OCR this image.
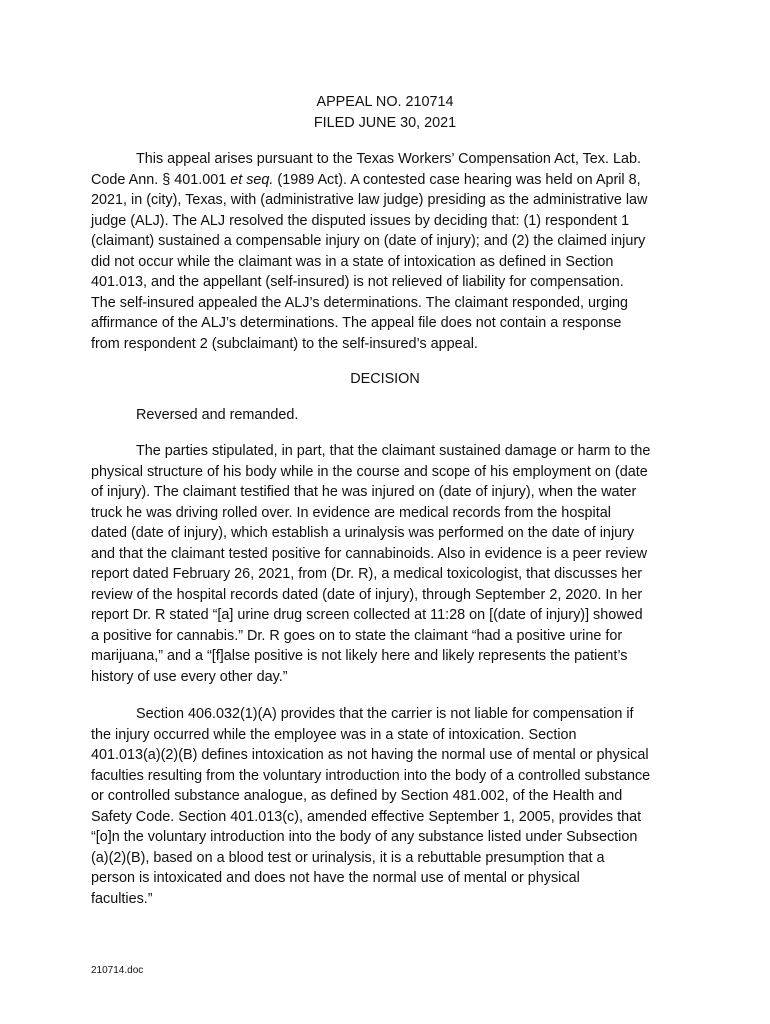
APPEAL NO. 210714
FILED JUNE 30, 2021
This appeal arises pursuant to the Texas Workers’ Compensation Act, Tex. Lab.
Code Ann. § 401.001 et seq. (1989 Act). A contested case hearing was held on April 8,
2021, in (city), Texas, with (administrative law judge) presiding as the administrative law
judge (ALJ). The ALJ resolved the disputed issues by deciding that: (1) respondent 1
(claimant) sustained a compensable injury on (date of injury); and (2) the claimed injury
did not occur while the claimant was in a state of intoxication as defined in Section
401.013, and the appellant (self-insured) is not relieved of liability for compensation.
The self-insured appealed the ALJ’s determinations. The claimant responded, urging
affirmance of the ALJ’s determinations. The appeal file does not contain a response
from respondent 2 (subclaimant) to the self-insured’s appeal.
DECISION
Reversed and remanded.
The parties stipulated, in part, that the claimant sustained damage or harm to the
physical structure of his body while in the course and scope of his employment on (date
of injury). The claimant testified that he was injured on (date of injury), when the water
truck he was driving rolled over. In evidence are medical records from the hospital
dated (date of injury), which establish a urinalysis was performed on the date of injury
and that the claimant tested positive for cannabinoids. Also in evidence is a peer review
report dated February 26, 2021, from (Dr. R), a medical toxicologist, that discusses her
review of the hospital records dated (date of injury), through September 2, 2020. In her
report Dr. R stated “[a] urine drug screen collected at 11:28 on [(date of injury)] showed
a positive for cannabis.” Dr. R goes on to state the claimant “had a positive urine for
marijuana,” and a “[f]alse positive is not likely here and likely represents the patient’s
history of use every other day.”
Section 406.032(1)(A) provides that the carrier is not liable for compensation if
the injury occurred while the employee was in a state of intoxication. Section
401.013(a)(2)(B) defines intoxication as not having the normal use of mental or physical
faculties resulting from the voluntary introduction into the body of a controlled substance
or controlled substance analogue, as defined by Section 481.002, of the Health and
Safety Code. Section 401.013(c), amended effective September 1, 2005, provides that
“[o]n the voluntary introduction into the body of any substance listed under Subsection
(a)(2)(B), based on a blood test or urinalysis, it is a rebuttable presumption that a
person is intoxicated and does not have the normal use of mental or physical
faculties.”
210714.doc
